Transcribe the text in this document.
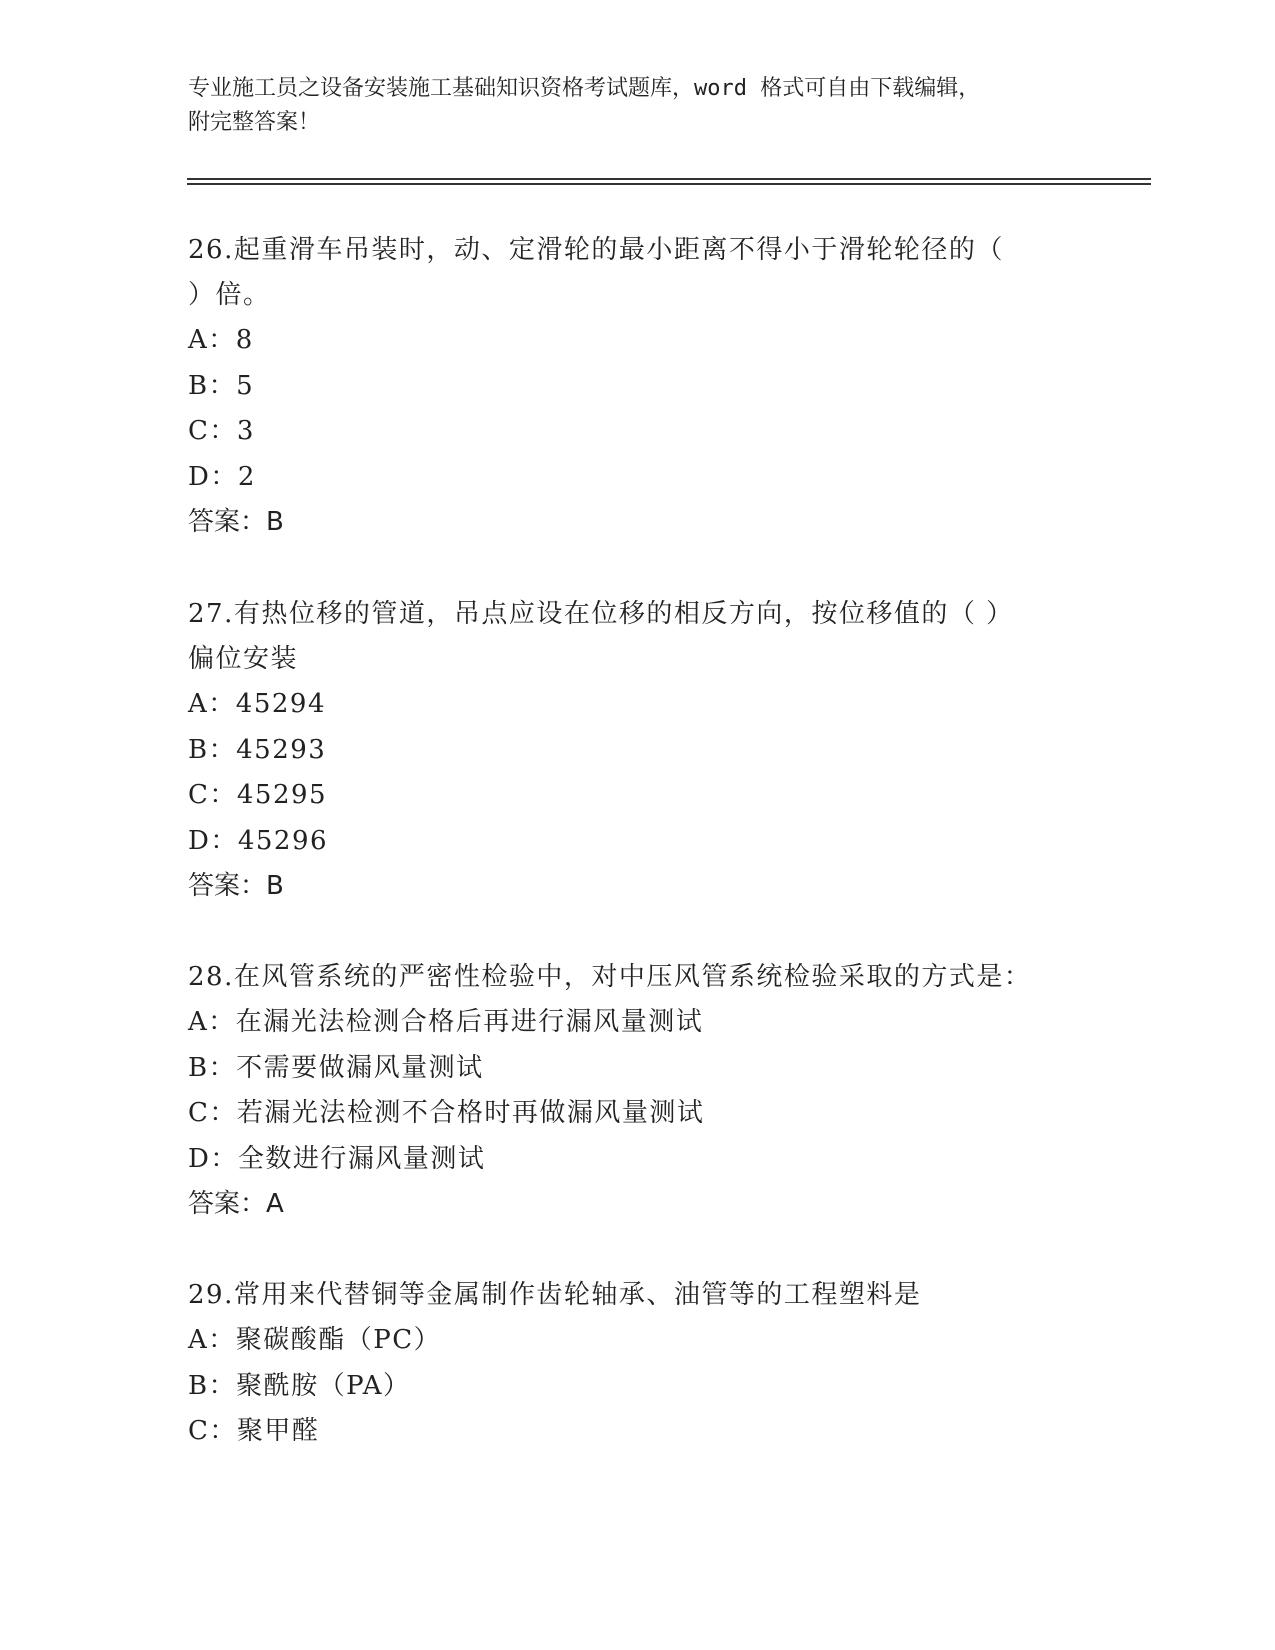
专业施工员之设备安装施工基础知识资格考试题库，word 格式可自由下载编辑，
附完整答案！
26.起重滑车吊装时，动、定滑轮的最小距离不得小于滑轮轮径的（
）倍。
A：8
B：5
C：3
D：2
答案：B
27.有热位移的管道，吊点应设在位移的相反方向，按位移值的（ ）
偏位安装
A：45294
B：45293
C：45295
D：45296
答案：B
28.在风管系统的严密性检验中，对中压风管系统检验采取的方式是：
A：在漏光法检测合格后再进行漏风量测试
B：不需要做漏风量测试
C：若漏光法检测不合格时再做漏风量测试
D：全数进行漏风量测试
答案：A
29.常用来代替铜等金属制作齿轮轴承、油管等的工程塑料是
A：聚碳酸酯（PC）
B：聚酰胺（PA）
C：聚甲醛
